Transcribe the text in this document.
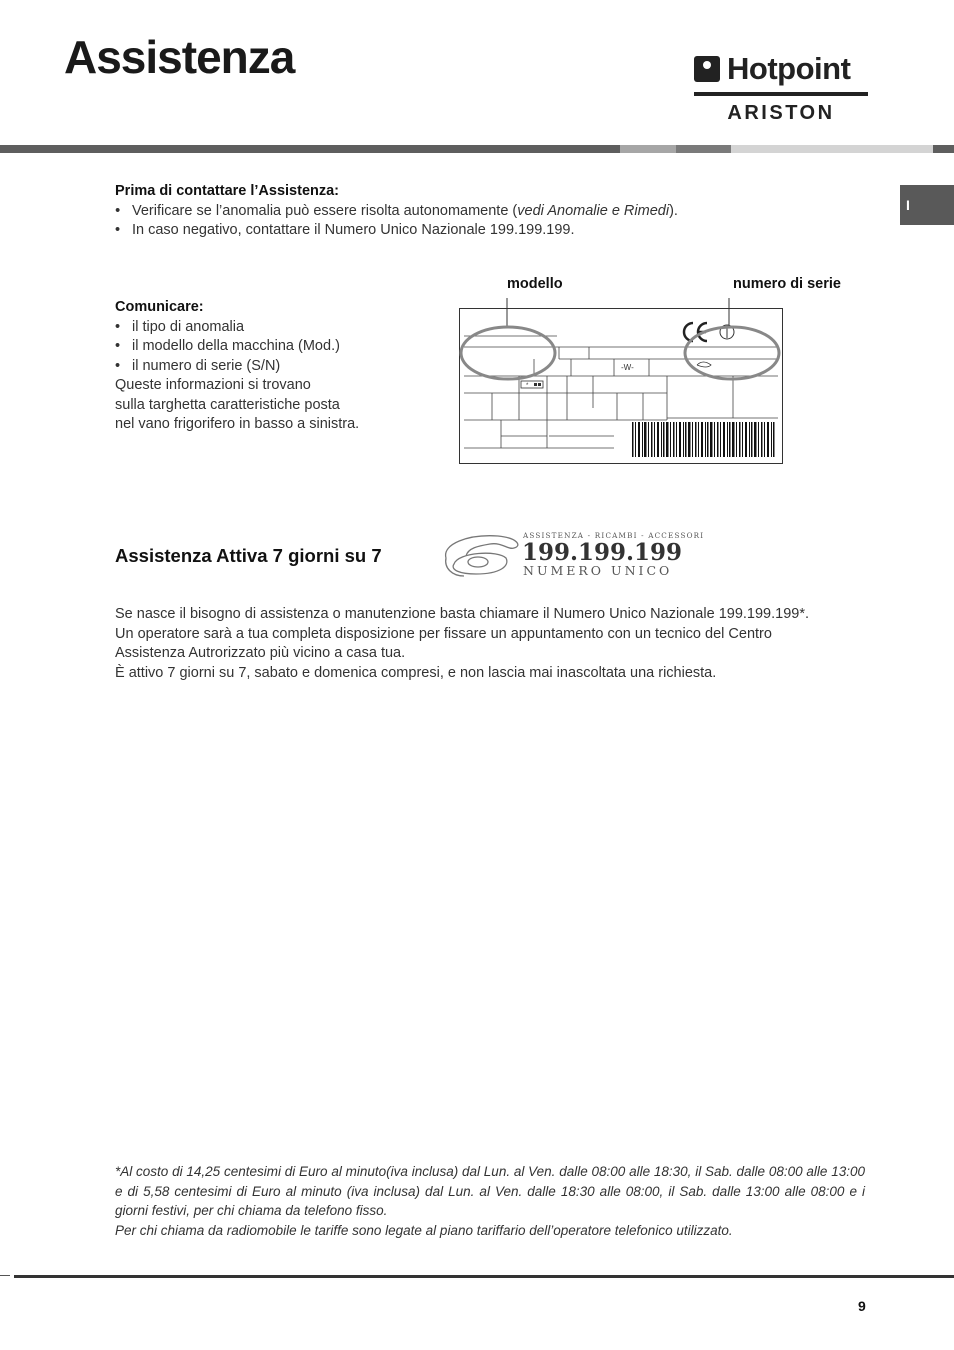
Assistenza	Hotpoint
ARISTON
I
Prima di contattare l’Assistenza:
• Verificare se l’anomalia può essere risolta autonomamente (vedi Anomalie e Rimedi).
• In caso negativo, contattare il Numero Unico Nazionale 199.199.199.
Comunicare:
• il tipo di anomalia
• il modello della macchina (Mod.)
• il numero di serie (S/N)
Queste informazioni si trovano
sulla targhetta caratteristiche posta
nel vano frigorifero in basso a sinistra.
modello	numero di serie
*
-W-
Assistenza Attiva 7 giorni su 7
ASSISTENZA - RICAMBI - ACCESSORI
199.199.199
NUMERO UNICO
Se nasce il bisogno di assistenza o manutenzione basta chiamare il Numero Unico Nazionale 199.199.199*.
Un operatore sarà a tua completa disposizione per fissare un appuntamento con un tecnico del Centro
Assistenza Autrorizzato più vicino a casa tua.
È attivo 7 giorni su 7, sabato e domenica compresi, e non lascia mai inascoltata una richiesta.
*Al costo di 14,25 centesimi di Euro al minuto(iva inclusa) dal Lun. al Ven. dalle 08:00 alle 18:30, il Sab. dalle 08:00 alle 13:00 e di 5,58 centesimi di Euro al minuto (iva inclusa) dal Lun. al Ven. dalle 18:30 alle 08:00, il Sab. dalle 13:00 alle 08:00 e i giorni festivi, per chi chiama da telefono fisso.
Per chi chiama da radiomobile le tariffe sono legate al piano tariffario dell’operatore telefonico utilizzato.
9
